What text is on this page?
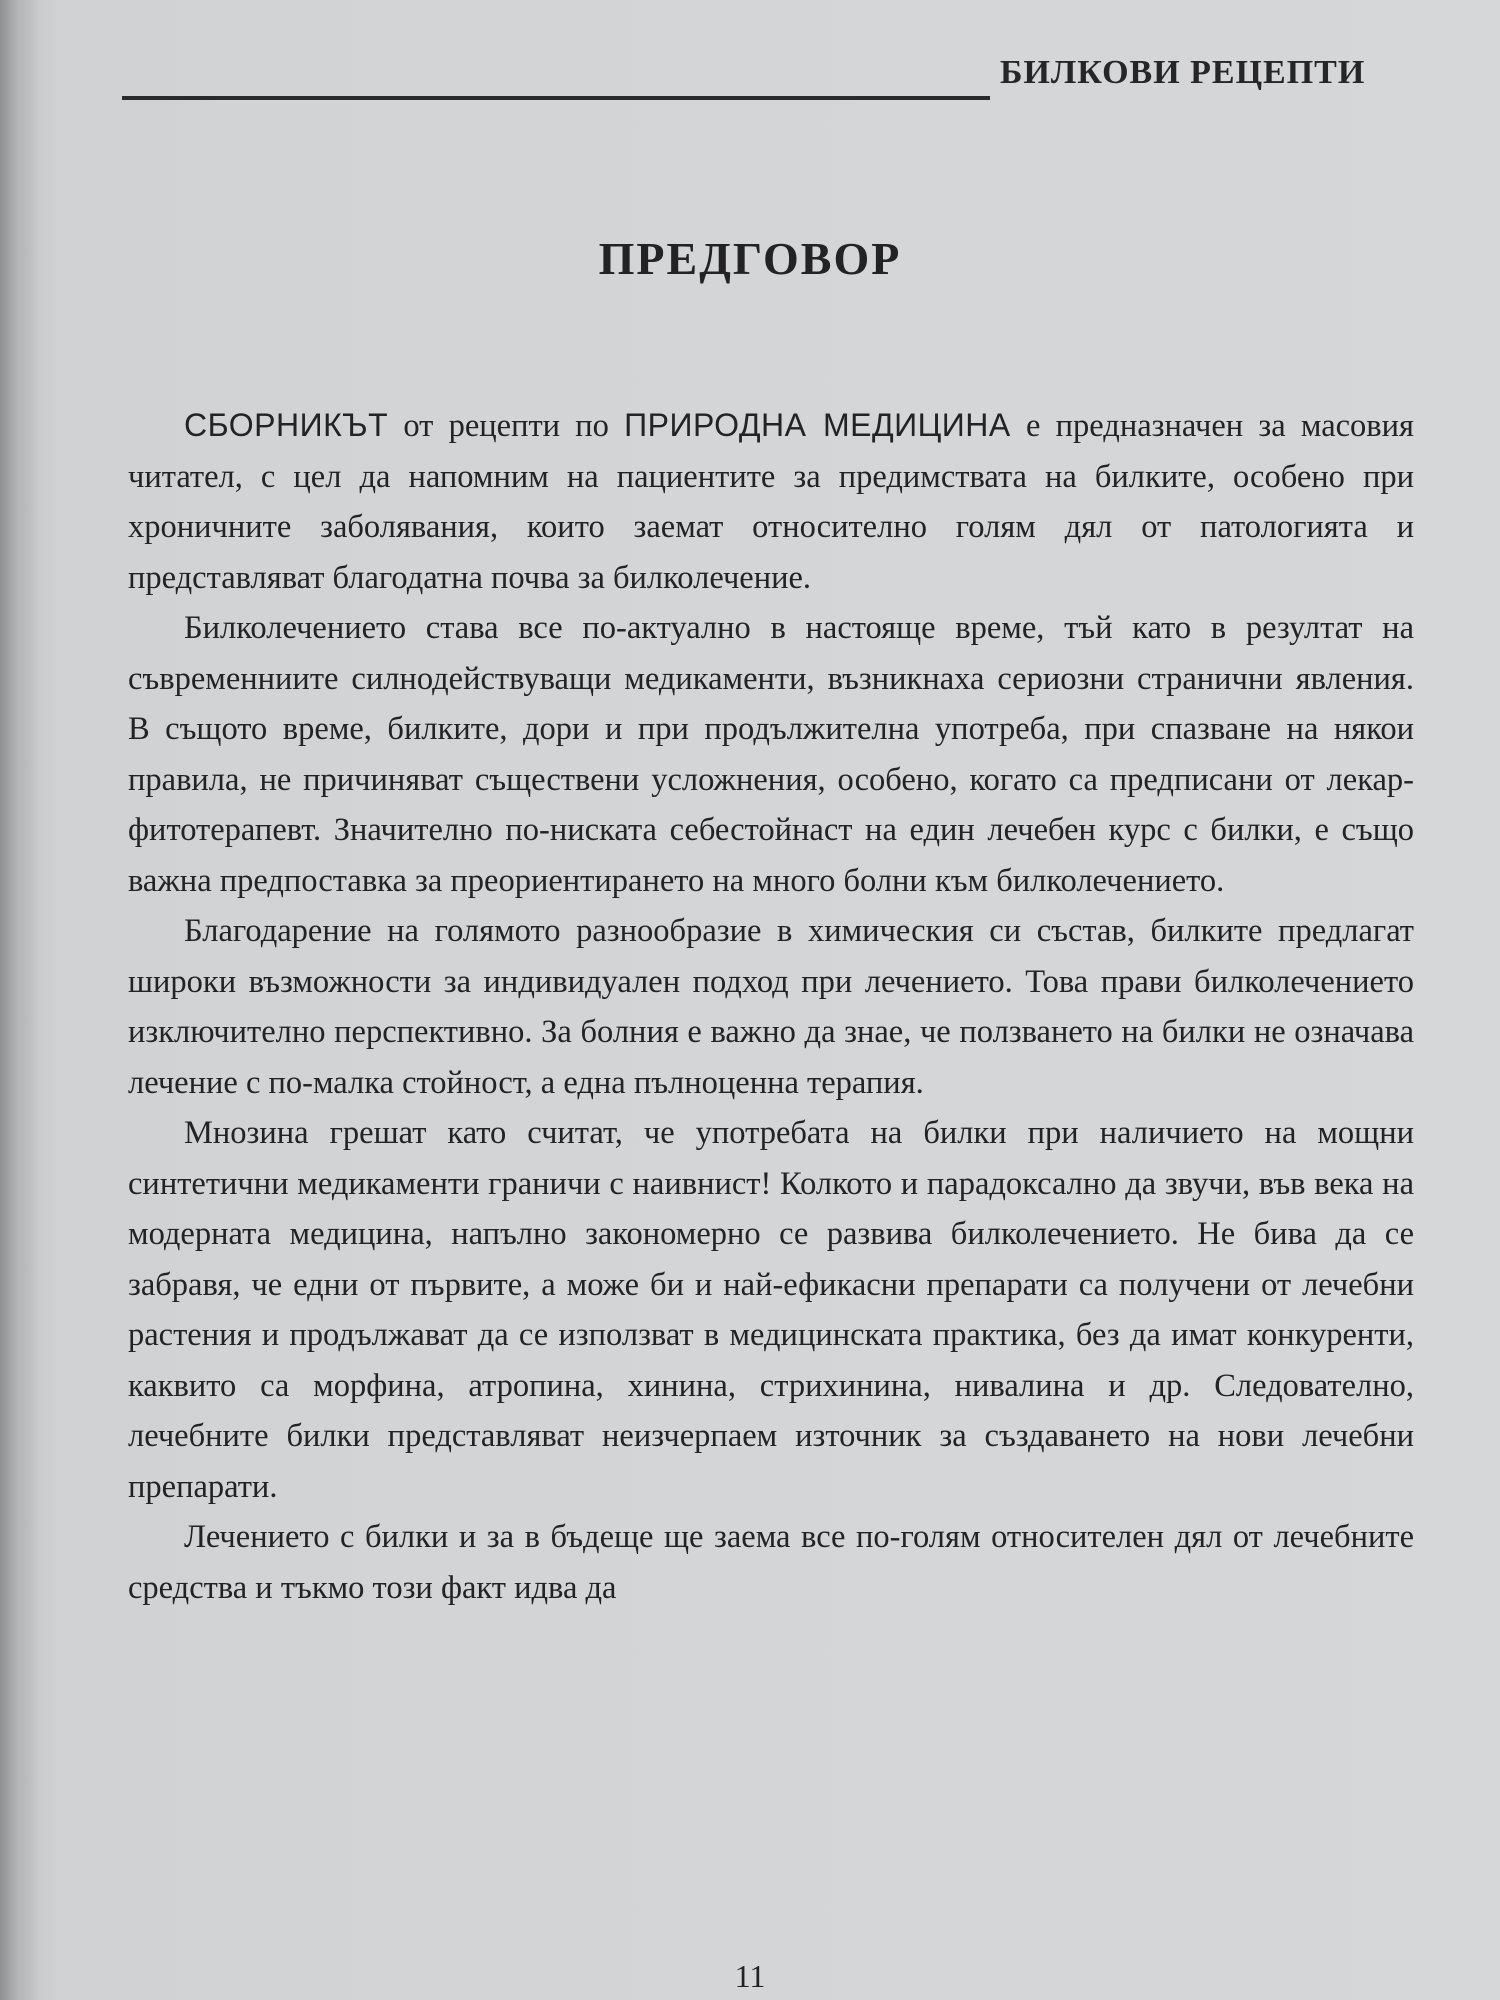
БИЛКОВИ РЕЦЕПТИ
ПРЕДГОВОР

СБОРНИКЪТ от рецепти по ПРИРОДНА МЕДИЦИНА е предназначен за масовия читател, с цел да напомним на пациентите за предимствата на билките, особено при хроничните заболявания, които заемат относително голям дял от патологията и представляват благодатна почва за билколечение.

Билколечението става все по-актуално в настояще време, тъй като в резултат на съвременниите силнодействуващи медикаменти, възникнаха сериозни странични явления. В същото време, билките, дори и при продължителна употреба, при спазване на някои правила, не причиняват съществени усложнения, особено, когато са предписани от лекар-фитотерапевт. Значително по-ниската себестойнаст на един лечебен курс с билки, е също важна предпоставка за преориентирането на много болни към билколечението.

Благодарение на голямото разнообразие в химическия си състав, билките предлагат широки възможности за индивидуален подход при лечението. Това прави билколечението изключително перспективно. За болния е важно да знае, че ползването на билки не означава лечение с по-малка стойност, а една пълноценна терапия.

Мнозина грешат като считат, че употребата на билки при наличието на мощни синтетични медикаменти граничи с наивнист! Колкото и парадоксално да звучи, във века на модерната медицина, напълно закономерно се развива билколечението. Не бива да се забравя, че едни от първите, а може би и най-ефикасни препарати са получени от лечебни растения и продължават да се използват в медицинската практика, без да имат конкуренти, каквито са морфина, атропина, хинина, стрихинина, нивалина и др. Следователно, лечебните билки представляват неизчерпаем източник за създаването на нови лечебни препарати.

Лечението с билки и за в бъдеще ще заема все по-голям относителен дял от лечебните средства и тъкмо този факт идва да

11
